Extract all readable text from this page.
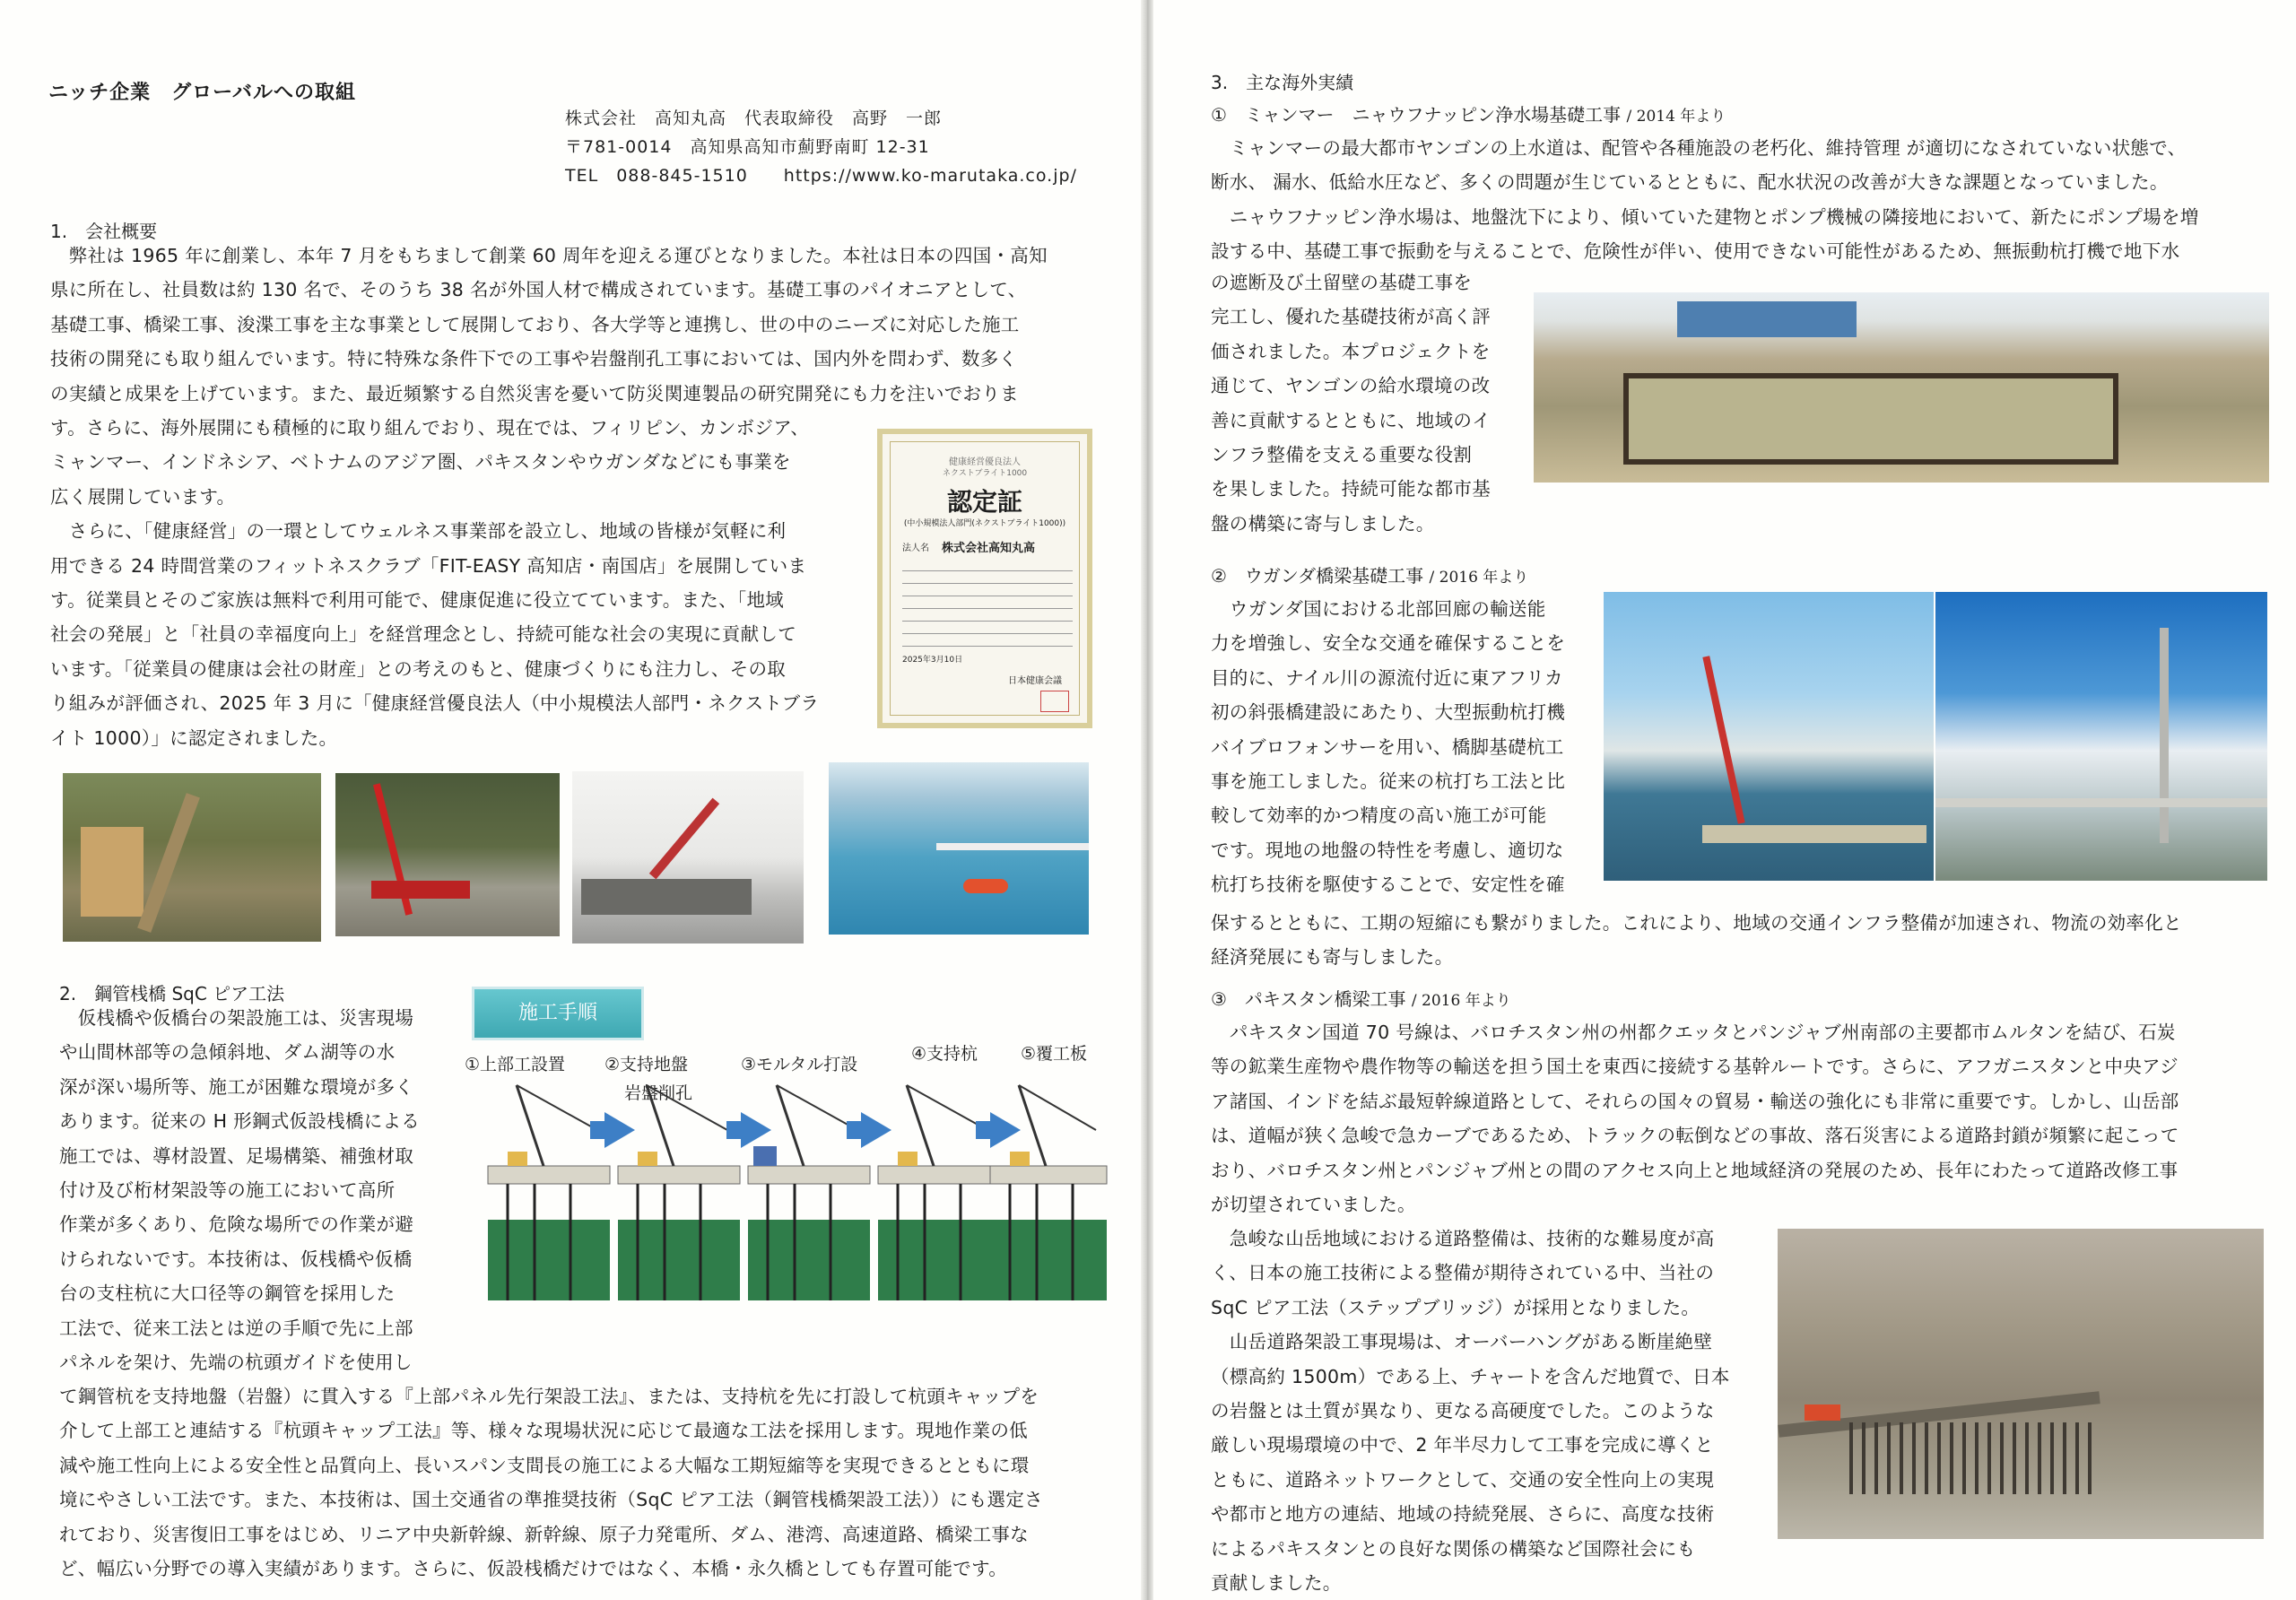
ニッチ企業　グローバルへの取組
株式会社　高知丸高　代表取締役　高野　一郎
〒781-0014　高知県高知市薊野南町 12-31
TEL　088-845-1510　　https://www.ko-marutaka.co.jp/
1.　会社概要

　弊社は 1965 年に創業し、本年 7 月をもちまして創業 60 周年を迎える運びとなりました。本社は日本の四国・高知

県に所在し、社員数は約 130 名で、そのうち 38 名が外国人材で構成されています。基礎工事のパイオニアとして、

基礎工事、橋梁工事、浚渫工事を主な事業として展開しており、各大学等と連携し、世の中のニーズに対応した施工

技術の開発にも取り組んでいます。特に特殊な条件下での工事や岩盤削孔工事においては、国内外を問わず、数多く

の実績と成果を上げています。また、最近頻繁する自然災害を憂いて防災関連製品の研究開発にも力を注いでおりま

す。さらに、海外展開にも積極的に取り組んでおり、現在では、フィリピン、カンボジア、

ミャンマー、インドネシア、ベトナムのアジア圏、パキスタンやウガンダなどにも事業を

広く展開しています。

　さらに、「健康経営」の一環としてウェルネス事業部を設立し、地域の皆様が気軽に利

用できる 24 時間営業のフィットネスクラブ「FIT-EASY 高知店・南国店」を展開していま

す。従業員とそのご家族は無料で利用可能で、健康促進に役立てています。また、「地域

社会の発展」と「社員の幸福度向上」を経営理念とし、持続可能な社会の実現に貢献して

います。「従業員の健康は会社の財産」との考えのもと、健康づくりにも注力し、その取

り組みが評価され、2025 年 3 月に「健康経営優良法人（中小規模法人部門・ネクストブラ

イト 1000）」に認定されました。

健康経営優良法人
ネクストブライト1000
認定証
(中小規模法人部門(ネクストブライト1000))
法人名 株式会社高知丸高
2025年3月10日
日本健康会議
2.　鋼管桟橋 SqC ピア工法
施工手順
①上部工設置 ②支持地盤
岩盤削孔
③モルタル打設
④支持杭	⑤覆工板

　仮桟橋や仮橋台の架設施工は、災害現場

や山間林部等の急傾斜地、ダム湖等の水

深が深い場所等、施工が困難な環境が多く

あります。従来の H 形鋼式仮設桟橋による

施工では、導材設置、足場構築、補強材取

付け及び桁材架設等の施工において高所

作業が多くあり、危険な場所での作業が避

けられないです。本技術は、仮桟橋や仮橋

台の支柱杭に大口径等の鋼管を採用した

工法で、従来工法とは逆の手順で先に上部

パネルを架け、先端の杭頭ガイドを使用し

て鋼管杭を支持地盤（岩盤）に貫入する『上部パネル先行架設工法』、または、支持杭を先に打設して杭頭キャップを

介して上部工と連結する『杭頭キャップ工法』等、様々な現場状況に応じて最適な工法を採用します。現地作業の低

減や施工性向上による安全性と品質向上、長いスパン支間長の施工による大幅な工期短縮等を実現できるとともに環

境にやさしい工法です。また、本技術は、国土交通省の準推奨技術（SqC ピア工法（鋼管桟橋架設工法））にも選定さ

れており、災害復旧工事をはじめ、リニア中央新幹線、新幹線、原子力発電所、ダム、港湾、高速道路、橋梁工事な

ど、幅広い分野での導入実績があります。さらに、仮設桟橋だけではなく、本橋・永久橋としても存置可能です。

3.　主な海外実績
①　ミャンマー　ニャウフナッピン浄水場基礎工事 / 2014 年より

　ミャンマーの最大都市ヤンゴンの上水道は、配管や各種施設の老朽化、維持管理 が適切になされていない状態で、

断水、 漏水、低給水圧など、多くの問題が生じているとともに、配水状況の改善が大きな課題となっていました。

　ニャウフナッピン浄水場は、地盤沈下により、傾いていた建物とポンプ機械の隣接地において、新たにポンプ場を増

設する中、基礎工事で振動を与えることで、危険性が伴い、使用できない可能性があるため、無振動杭打機で地下水

の遮断及び土留壁の基礎工事を

完工し、優れた基礎技術が高く評

価されました。本プロジェクトを

通じて、ヤンゴンの給水環境の改

善に貢献するとともに、地域のイ

ンフラ整備を支える重要な役割

を果しました。持続可能な都市基

盤の構築に寄与しました。

②　ウガンダ橋梁基礎工事 / 2016 年より

　ウガンダ国における北部回廊の輸送能

力を増強し、安全な交通を確保することを

目的に、ナイル川の源流付近に東アフリカ

初の斜張橋建設にあたり、大型振動杭打機

バイブロフォンサーを用い、橋脚基礎杭工

事を施工しました。従来の杭打ち工法と比

較して効率的かつ精度の高い施工が可能

です。現地の地盤の特性を考慮し、適切な

杭打ち技術を駆使することで、安定性を確

保するとともに、工期の短縮にも繋がりました。これにより、地域の交通インフラ整備が加速され、物流の効率化と

経済発展にも寄与しました。

③　パキスタン橋梁工事 / 2016 年より

　パキスタン国道 70 号線は、バロチスタン州の州都クエッタとパンジャブ州南部の主要都市ムルタンを結び、石炭

等の鉱業生産物や農作物等の輸送を担う国土を東西に接続する基幹ルートです。さらに、アフガニスタンと中央アジ

ア諸国、インドを結ぶ最短幹線道路として、それらの国々の貿易・輸送の強化にも非常に重要です。しかし、山岳部

は、道幅が狭く急峻で急カーブであるため、トラックの転倒などの事故、落石災害による道路封鎖が頻繁に起こって

おり、バロチスタン州とパンジャブ州との間のアクセス向上と地域経済の発展のため、長年にわたって道路改修工事

が切望されていました。

　急峻な山岳地域における道路整備は、技術的な難易度が高

く、日本の施工技術による整備が期待されている中、当社の

SqC ピア工法（ステップブリッジ）が採用となりました。

　山岳道路架設工事現場は、オーバーハングがある断崖絶壁

（標高約 1500m）である上、チャートを含んだ地質で、日本

の岩盤とは土質が異なり、更なる高硬度でした。このような

厳しい現場環境の中で、2 年半尽力して工事を完成に導くと

ともに、道路ネットワークとして、交通の安全性向上の実現

や都市と地方の連結、地域の持続発展、さらに、高度な技術

によるパキスタンとの良好な関係の構築など国際社会にも

貢献しました。
